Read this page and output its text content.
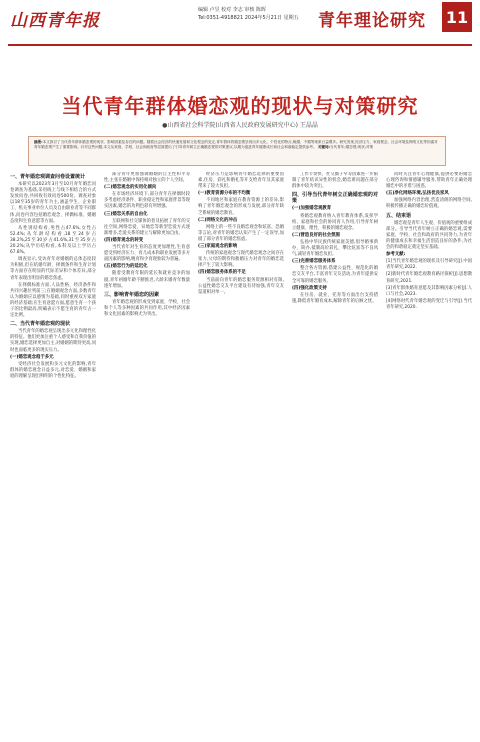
山西青年报
编辑 卢昱 校对 李志 审核 陈晖
Tel:0351-4918821 2024年5月21日 星期五 青年理论研究 11
当代青年群体婚恋观的现状与对策研究
●山西省社会科学院(山西省人民政府发展研究中心) 王晶晶
摘要:本文探讨了当代青年群体婚恋观的现状、影响因素及存在的问题。随着社会经济的快速发展和文化观念的变迁,青年群体的婚恋观呈现出多元化、个性化的特点,晚婚、不婚等现象日益增多。研究发现,经济压力、家庭观念、社会环境及网络文化等因素对青年婚恋观产生了重要影响。针对这些问题,本文从家庭、学校、社会和政府等层面提出了引导青年树立正确婚恋观的对策建议,以期为促进青年健康成长和社会和谐稳定提供参考。 关键词:当代青年;婚恋观;现状;对策
一、青年婚恋观调查问卷设置统计

本研究以2023年3月至10月青年婚恋问卷调查为基础,采用线上与线下相结合的方式发放问卷,共回收有效问卷500份。调查对象以18至35岁的青年为主,涵盖学生、企业职工、机关事业单位人员及自由职业者等不同群体,问卷内容包括婚恋观念、择偶标准、婚姻态度和生育意愿等方面。

从性别结构看,男性占47.6%,女性占52.4%;从年龄结构看,18至24岁占38.2%,25至30岁占41.6%,31至35岁占20.2%;从学历结构看,本科及以上学历占67.8%。

调查显示,受访青年对婚姻的总体态度较为积极,但在结婚年龄、择偶条件和生育计划等方面存在明显的代际差异和个体差异,部分青年表现出明显的婚恋焦虑。

在择偶标准方面,人品性格、经济条件和共同兴趣位列前三;在婚姻观念方面,多数青年认为婚姻应以感情为基础,同时重视双方家庭的经济基础;在生育意愿方面,愿意生育一个孩子的比例最高,明确表示不愿生育的青年占一定比例。

二、当代青年婚恋观的现状

当代青年的婚恋观呈现出多元化和理性化的特征。他们更加注重个人感受和自我价值的实现,婚恋选择更加自主,对婚姻的期待更高,同时也面临更多的现实压力。

(一)婚恋观念趋于多元

受经济社会发展和多元文化的影响,青年群体的婚恋观念日益多元,对恋爱、婚姻和家庭的理解呈现出鲜明的个性化特征。

部分青年更加强调婚姻的自主性和平等性,主张在婚姻中保持相对独立的个人空间。

(二)婚恋观念的实用化倾向

在市场经济环境下,部分青年在择偶时较多考虑经济条件、职业稳定性和家庭背景等现实因素,婚恋的功利色彩有所增强。

(三)婚恋关系的自由化

互联网和社交媒体的普及拓展了青年的交往空间,网络恋爱、异地恋等新型恋爱方式逐渐增多,恋爱关系的建立与解除更加自由。

(四)婚育观念的转变

当代青年对生育的态度更加理性,生育意愿受到经济压力、育儿成本和职业发展等多方面因素的影响,晚育和少育现象较为普遍。

(五)婚恋行为的延迟化

随着受教育年限的延长和就业竞争的加剧,青年初婚年龄不断推迟,大龄未婚青年数量逐年增加。

三、影响青年婚恋的因素

青年婚恋观的形成受到家庭、学校、社会和个人等多种因素的共同作用,其中经济因素和文化因素的影响尤为突出。

经济压力是影响青年婚恋选择的重要因素,住房、彩礼和婚礼等开支给青年及其家庭带来了较大负担。

(一)教育资源分布的不均衡

不同地区和家庭在教育资源上的差异,影响了青年婚恋观念的形成与发展,部分青年缺乏系统的婚恋教育。

(二)网络文化的冲击

网络上的一些不良婚恋观念和炫富、恐婚等言论,对青年的婚恋认知产生了一定误导,加剧了部分青年的婚恋焦虑。

(三)家庭观念的影响

传统的家庭观念与现代婚恋观念之间存在张力,父母的期待和催婚压力对青年的婚恋选择产生了较大影响。

(四)婚恋服务体系的不足

当前面向青年的婚恋服务资源相对有限,公益性婚恋交友平台建设有待加强,青年交友渠道相对单一。

工作节奏快、社交圈子窄等因素进一步限制了青年结识异性的机会,婚恋难问题在部分群体中较为突出。

四、引导当代青年树立正确婚恋观的对策
(一)加强婚恋观教育

将婚恋观教育纳入青年教育体系,发挥学校、家庭和社会的协同育人作用,引导青年树立健康、理性、积极的婚恋观念。

(二)营造良好的社会氛围

弘扬中华民族传统家庭美德,倡导婚事新办、简办,抵制高价彩礼、攀比炫富等不良风气,减轻青年婚恋负担。

(三)完善婚恋服务体系

整合各方资源,搭建公益性、规范化的婚恋交友平台,丰富青年交友活动,为青年提供安全可靠的婚恋服务。

(四)强化政策支持

在住房、就业、托育等方面出台支持措施,降低青年婚育成本,解除青年的后顾之忧。

同时关注青年心理健康,提供必要的婚恋心理咨询和情感辅导服务,帮助青年正确处理婚恋中的矛盾与困惑。

(五)净化网络环境,弘扬优良家风

加强网络内容治理,营造清朗的网络空间,积极传播正确的婚恋价值观。

五、结束语

婚恋观是青年人生观、价值观的重要组成部分。引导当代青年树立正确的婚恋观,需要家庭、学校、社会和政府的共同努力,为青年的健康成长和幸福生活创造良好的条件,为社会的和谐稳定奠定坚实基础。

参考文献:
[1]当代青年婚恋观的现状及引导研究[J].中国青年研究,2022.
[2]新时代青年婚恋观教育路径探析[J].思想教育研究,2021.
[3]青年群体婚育意愿及其影响因素分析[J].人口与社会,2023.
[4]网络时代青年婚恋观的变迁与引导[J].当代青年研究,2020.
